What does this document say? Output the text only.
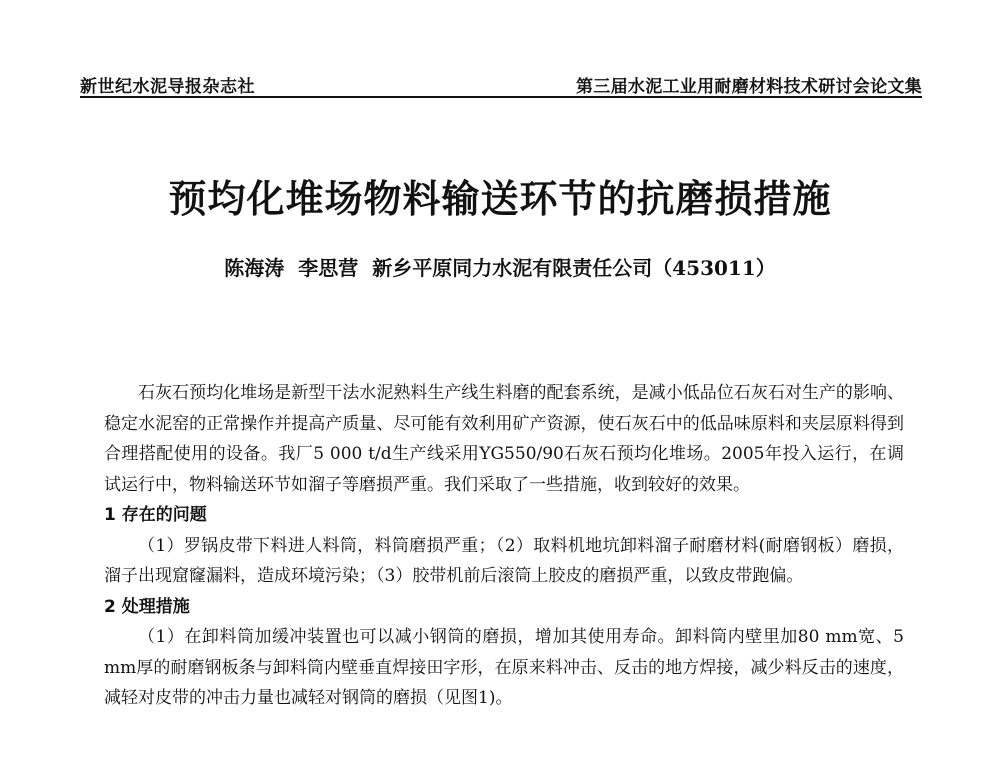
新世纪水泥导报杂志社	第三届水泥工业用耐磨材料技术研讨会论文集
预均化堆场物料输送环节的抗磨损措施
陈海涛 李思营 新乡平原同力水泥有限责任公司（453011）

石灰石预均化堆场是新型干法水泥熟料生产线生料磨的配套系统，是减小低品位石灰石对生产的影响、稳定水泥窑的正常操作并提高产质量、尽可能有效利用矿产资源，使石灰石中的低品味原料和夹层原料得到合理搭配使用的设备。我厂5 000 t/d生产线采用YG550/90石灰石预均化堆场。2005年投入运行，在调试运行中，物料输送环节如溜子等磨损严重。我们采取了一些措施，收到较好的效果。

1 存在的问题

（1）罗锅皮带下料进人料筒，料筒磨损严重；（2）取料机地坑卸料溜子耐磨材料(耐磨钢板）磨损，溜子出现窟窿漏料，造成环境污染；（3）胶带机前后滚筒上胶皮的磨损严重，以致皮带跑偏。

2 处理措施

（1）在卸料筒加缓冲装置也可以减小钢筒的磨损，增加其使用寿命。卸料筒内壁里加80 mm宽、5 mm厚的耐磨钢板条与卸料筒内壁垂直焊接田字形，在原来料冲击、反击的地方焊接，减少料反击的速度，减轻对皮带的冲击力量也减轻对钢筒的磨损（见图1)。
